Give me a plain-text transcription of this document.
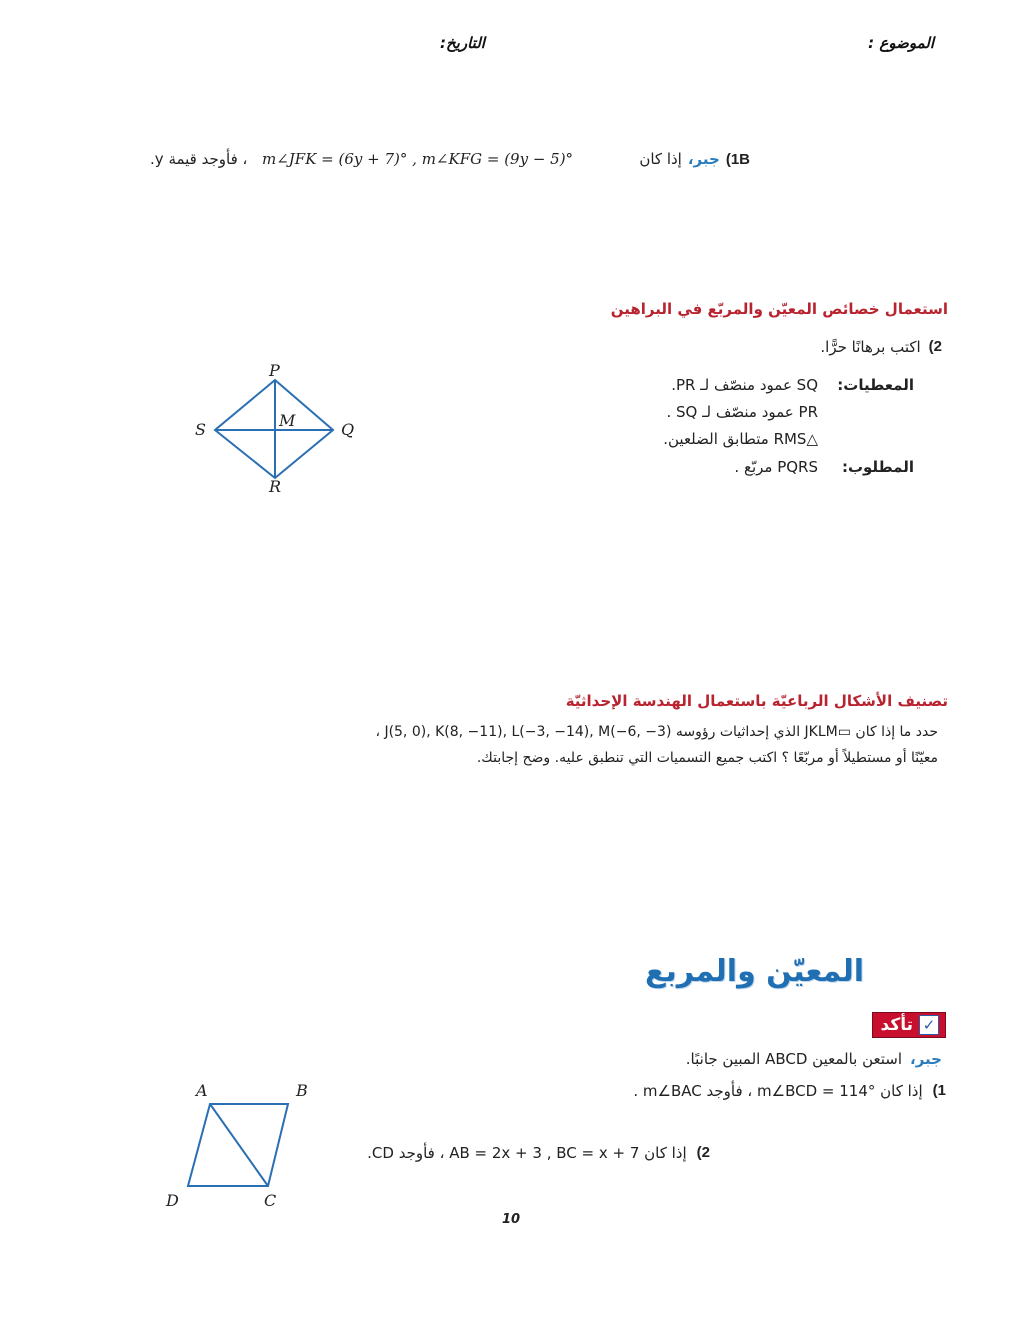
الموضوع :
التاريخ:
1B)
جبر،
إذا كان
m∠JFK = (6y + 7)° , m∠KFG = (9y − 5)°
، فأوجد قيمة y.
استعمال خصائص المعيّن والمربّع في البراهين
2)
اكتب برهانًا حرًّا.
المعطيات:
SQ عمود منصّف لـ PR.
PR عمود منصّف لـ SQ .
△RMS متطابق الضلعين.
المطلوب:
PQRS مربّع .
P
Q
R
S	M
تصنيف الأشكال الرباعيّة باستعمال الهندسة الإحداثيّة
حدد ما إذا كان ▭JKLM الذي إحداثيات رؤوسه (3− ,6−)J(5, 0), K(8, −11), L(−3, −14), M ،
معيّنًا أو مستطيلاً أو مربّعًا ؟ اكتب جميع التسميات التي تنطبق عليه. وضح إجابتك.
المعيّن والمربع
✓
تأكد
جبر،
استعن بالمعين ABCD المبين جانبًا.
1)
إذا كان m∠BCD = 114° ، فأوجد m∠BAC .
2)
إذا كان AB = 2x + 3 , BC = x + 7 ، فأوجد CD.
A	B
C
D
10
